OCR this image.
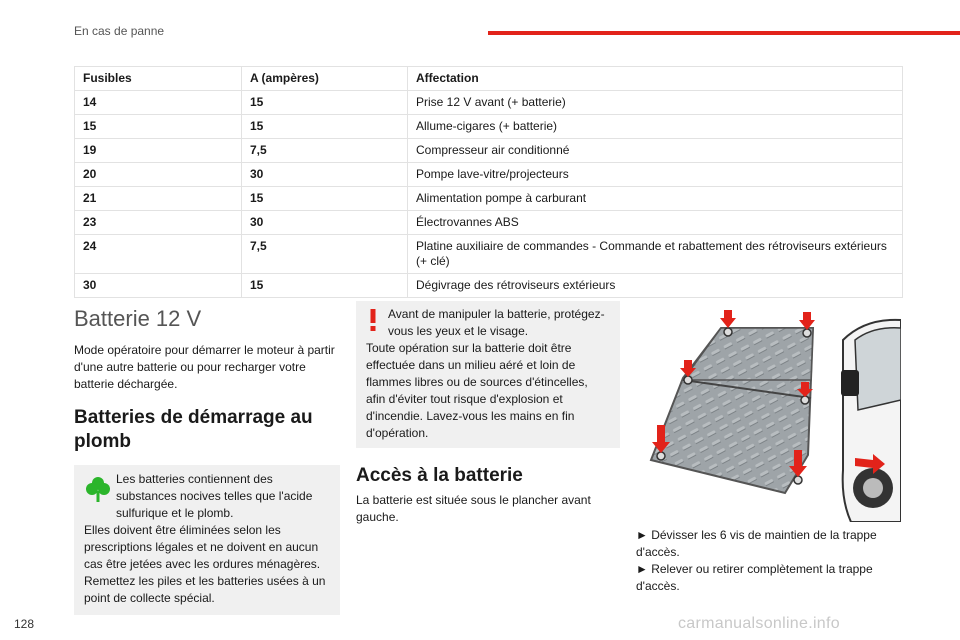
En cas de panne
Fusibles	A (ampères)	Affectation
14	15	Prise 12 V avant (+ batterie)
15	15	Allume-cigares (+ batterie)
19	7,5	Compresseur air conditionné
20	30	Pompe lave-vitre/projecteurs
21	15	Alimentation pompe à carburant
23	30	Électrovannes ABS
24	7,5	Platine auxiliaire de commandes - Commande et rabattement des rétroviseurs extérieurs (+ clé)
30	15	Dégivrage des rétroviseurs extérieurs
Batterie 12 V
Mode opératoire pour démarrer le moteur à partir d'une autre batterie ou pour recharger votre batterie déchargée.
Batteries de démarrage au plomb
Les batteries contiennent des substances nocives telles que l'acide sulfurique et le plomb.
Elles doivent être éliminées selon les prescriptions légales et ne doivent en aucun cas être jetées avec les ordures ménagères. Remettez les piles et les batteries usées à un point de collecte spécial.
Avant de manipuler la batterie, protégez-vous les yeux et le visage.
Toute opération sur la batterie doit être effectuée dans un milieu aéré et loin de flammes libres ou de sources d'étincelles, afin d'éviter tout risque d'explosion et d'incendie. Lavez-vous les mains en fin d'opération.
Accès à la batterie
La batterie est située sous le plancher avant gauche.
► Dévisser les 6 vis de maintien de la trappe d'accès.
► Relever ou retirer complètement la trappe d'accès.
128	carmanualsonline.info
